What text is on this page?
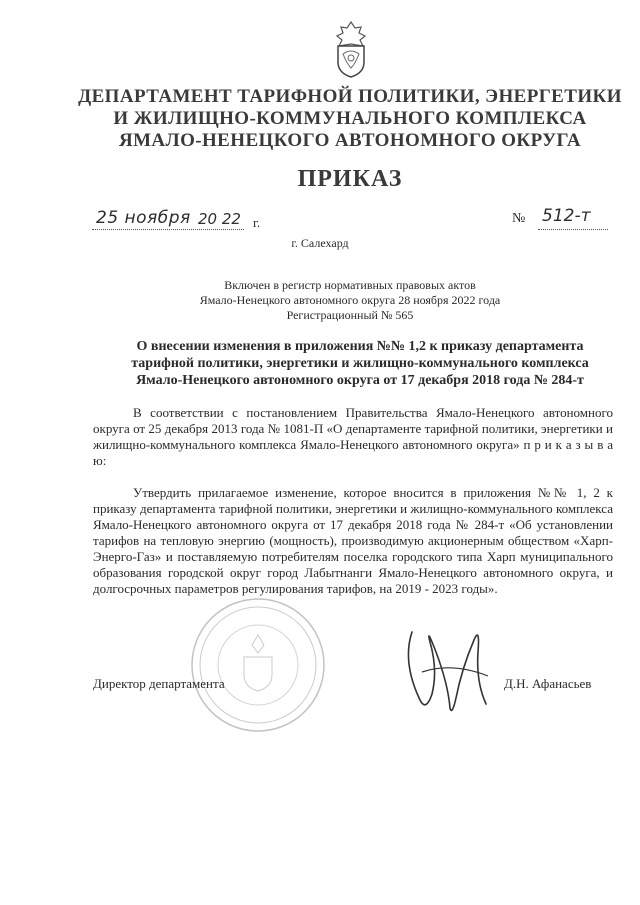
ДЕПАРТАМЕНТ ТАРИФНОЙ ПОЛИТИКИ, ЭНЕРГЕТИКИ
И ЖИЛИЩНО-КОММУНАЛЬНОГО КОМПЛЕКСА
ЯМАЛО-НЕНЕЦКОГО АВТОНОМНОГО ОКРУГА
ПРИКАЗ
25 ноября 20 22 г.	№ 512-т
г. Салехард
Включен в регистр нормативных правовых актов
Ямало-Ненецкого автономного округа 28 ноября 2022 года
Регистрационный № 565
О внесении изменения в приложения №№ 1,2 к приказу департамента
тарифной политики, энергетики и жилищно-коммунального комплекса
Ямало-Ненецкого автономного округа от 17 декабря 2018 года № 284-т

В соответствии с постановлением Правительства Ямало-Ненецкого автономного округа от 25 декабря 2013 года № 1081-П «О департаменте тарифной политики, энергетики и жилищно-коммунального комплекса Ямало-Ненецкого автономного округа» п р и к а з ы в а ю:

Утвердить прилагаемое изменение, которое вносится в приложения №№ 1, 2 к приказу департамента тарифной политики, энергетики и жилищно-коммунального комплекса Ямало-Ненецкого автономного округа от 17 декабря 2018 года № 284-т «Об установлении тарифов на тепловую энергию (мощность), производимую акционерным обществом «Харп-Энерго-Газ» и поставляемую потребителям поселка городского типа Харп муниципального образования городской округ город Лабытнанги Ямало-Ненецкого автономного округа, и долгосрочных параметров регулирования тарифов, на 2019 - 2023 годы».

Директор департамента	Д.Н. Афанасьев
